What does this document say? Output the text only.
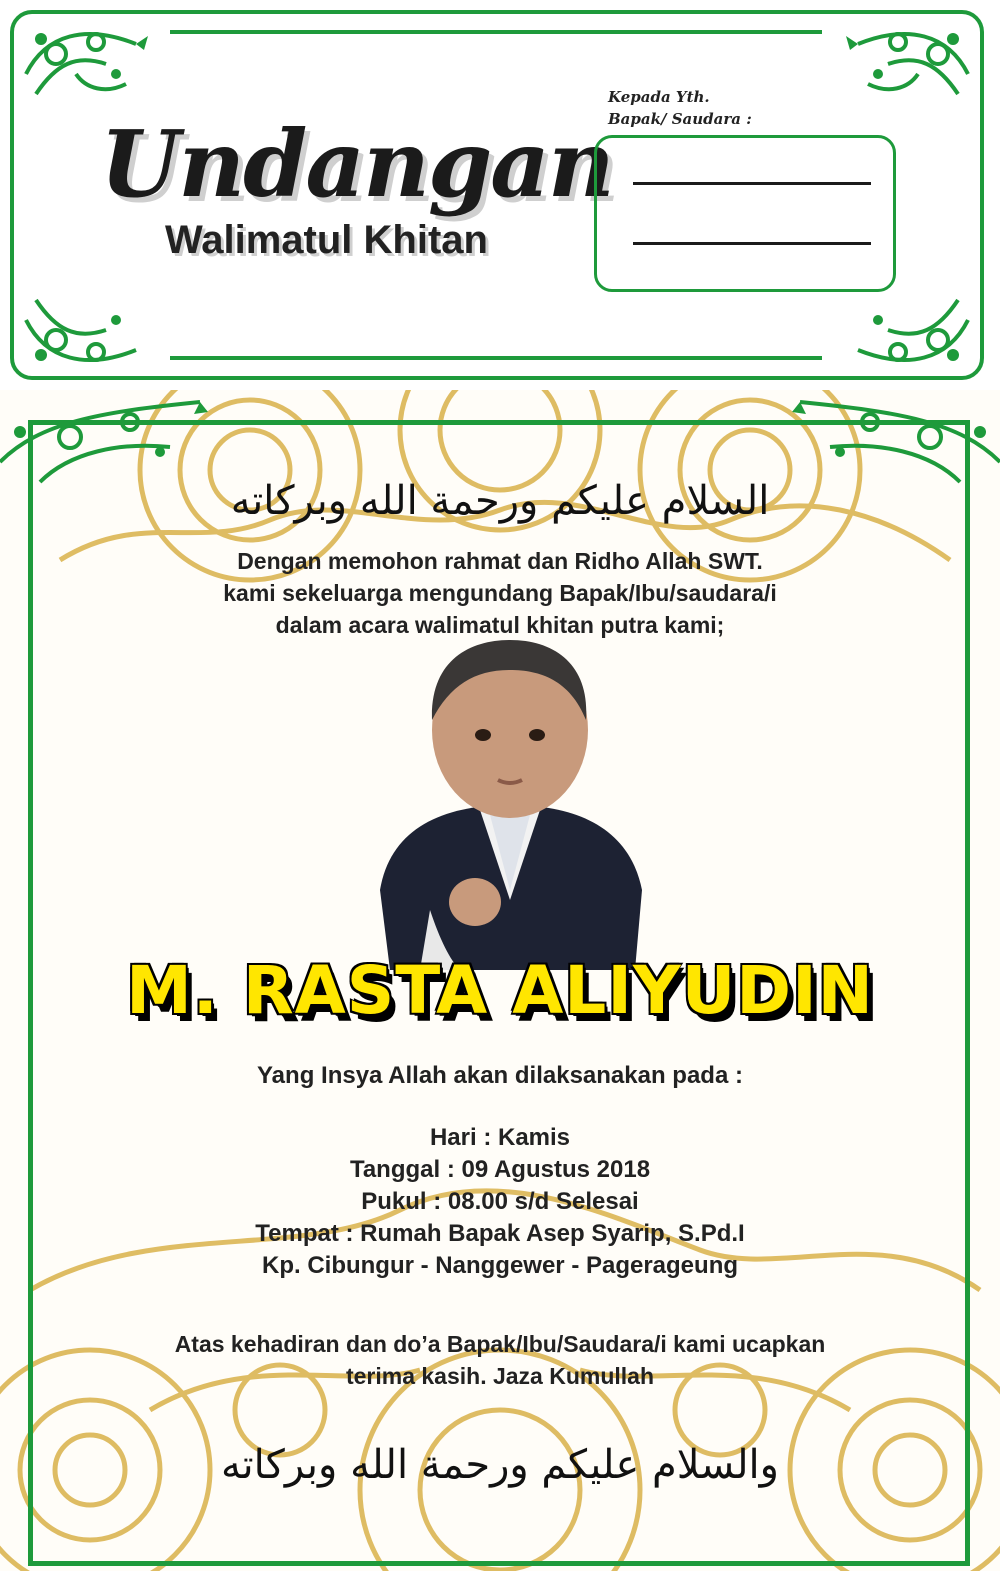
Undangan
Walimatul Khitan
Kepada Yth.
Bapak/ Saudara :
السلام عليكم ورحمة الله وبركاته
Dengan memohon rahmat dan Ridho Allah SWT.
kami sekeluarga mengundang Bapak/Ibu/saudara/i
dalam acara walimatul khitan putra kami;
M. RASTA ALIYUDIN
Yang Insya Allah akan dilaksanakan pada :
Hari : Kamis
Tanggal : 09 Agustus 2018
Pukul : 08.00 s/d Selesai
Tempat : Rumah Bapak Asep Syarip, S.Pd.I
Kp. Cibungur - Nanggewer - Pagerageung
Atas kehadiran dan do’a Bapak/Ibu/Saudara/i kami ucapkan
terima kasih. Jaza Kumullah
والسلام عليكم ورحمة الله وبركاته
